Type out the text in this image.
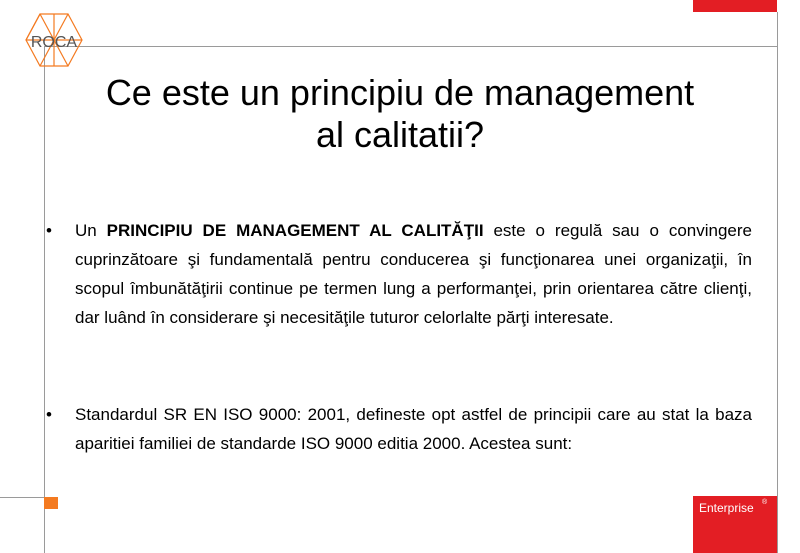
ROCA
Ce este un principiu de management
al calitatii?
• Un PRINCIPIU DE MANAGEMENT AL CALITĂŢII este o regulă sau o convingere cuprinzătoare şi fundamentală pentru conducerea şi funcţionarea unei organizaţii, în scopul îmbunătăţirii continue pe termen lung a performanţei, prin orientarea către clienţi, dar luând în considerare şi necesităţile tuturor celorlalte părţi interesate.
• Standardul SR EN ISO 9000: 2001, defineste opt astfel de principii care au stat la baza aparitiei familiei de standarde ISO 9000 editia 2000. Acestea sunt:
Enterprise ®
